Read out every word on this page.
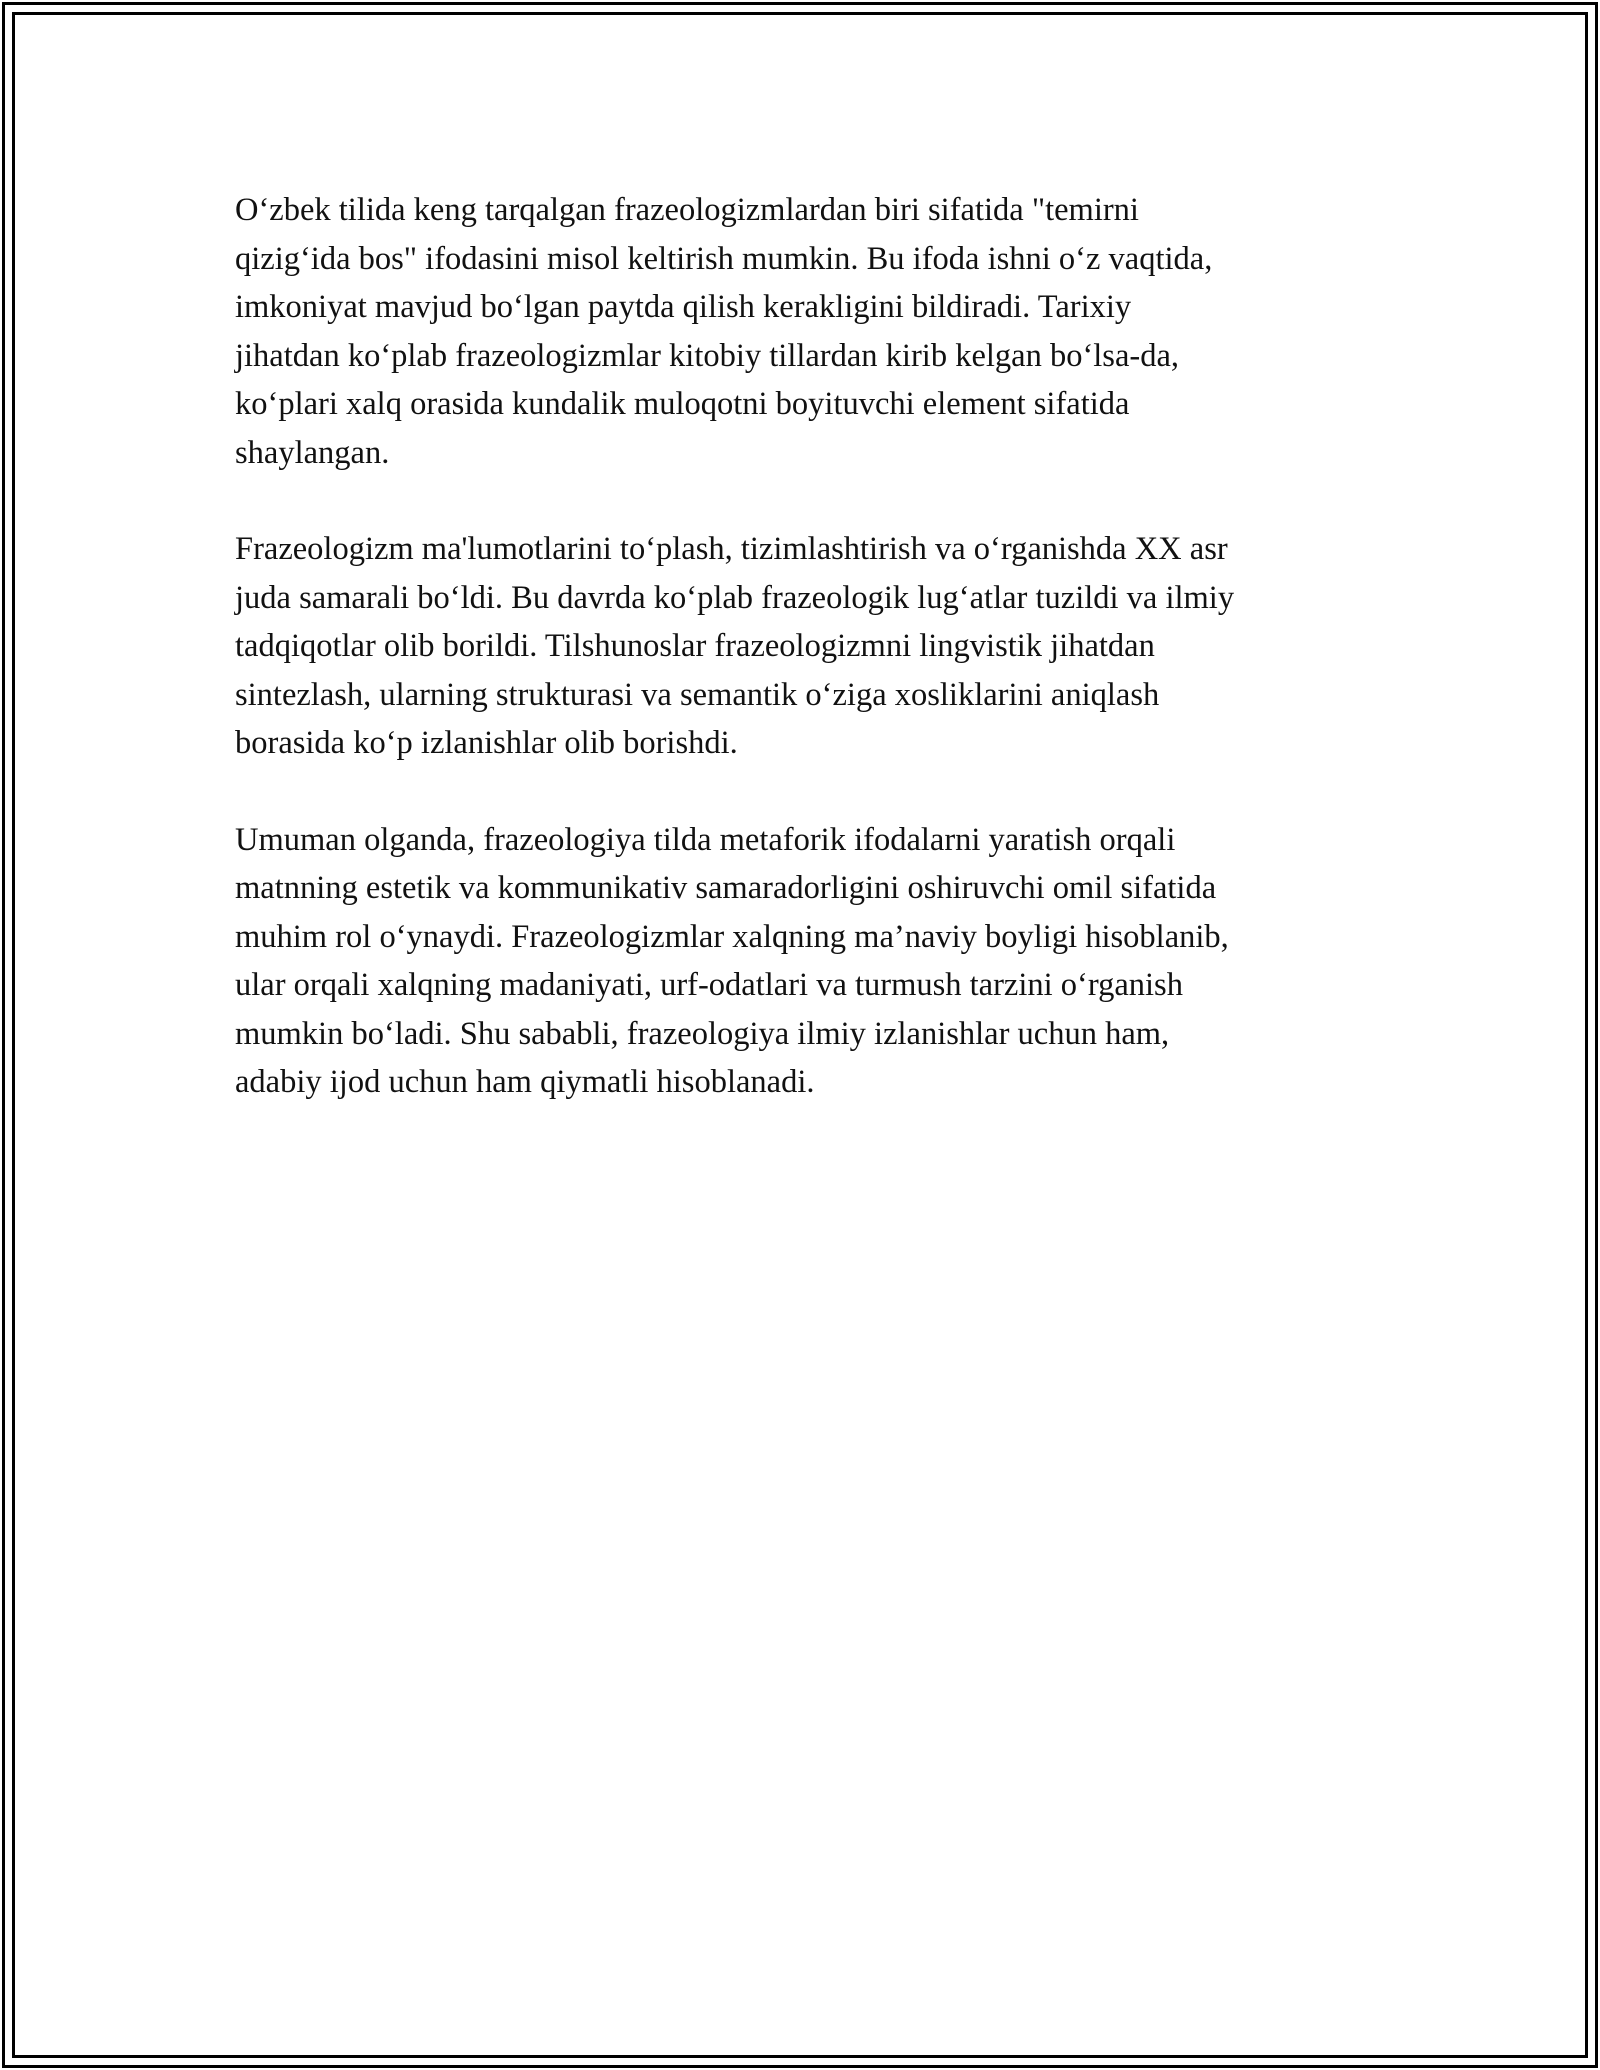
O‘zbek tilida keng tarqalgan frazeologizmlardan biri sifatida "temirni
qizig‘ida bos" ifodasini misol keltirish mumkin. Bu ifoda ishni o‘z vaqtida,
imkoniyat mavjud bo‘lgan paytda qilish kerakligini bildiradi. Tarixiy
jihatdan ko‘plab frazeologizmlar kitobiy tillardan kirib kelgan bo‘lsa-da,
ko‘plari xalq orasida kundalik muloqotni boyituvchi element sifatida
shaylangan.

Frazeologizm ma'lumotlarini to‘plash, tizimlashtirish va o‘rganishda XX asr
juda samarali bo‘ldi. Bu davrda ko‘plab frazeologik lug‘atlar tuzildi va ilmiy
tadqiqotlar olib borildi. Tilshunoslar frazeologizmni lingvistik jihatdan
sintezlash, ularning strukturasi va semantik o‘ziga xosliklarini aniqlash
borasida ko‘p izlanishlar olib borishdi.

Umuman olganda, frazeologiya tilda metaforik ifodalarni yaratish orqali
matnning estetik va kommunikativ samaradorligini oshiruvchi omil sifatida
muhim rol o‘ynaydi. Frazeologizmlar xalqning ma’naviy boyligi hisoblanib,
ular orqali xalqning madaniyati, urf-odatlari va turmush tarzini o‘rganish
mumkin bo‘ladi. Shu sababli, frazeologiya ilmiy izlanishlar uchun ham,
adabiy ijod uchun ham qiymatli hisoblanadi.
